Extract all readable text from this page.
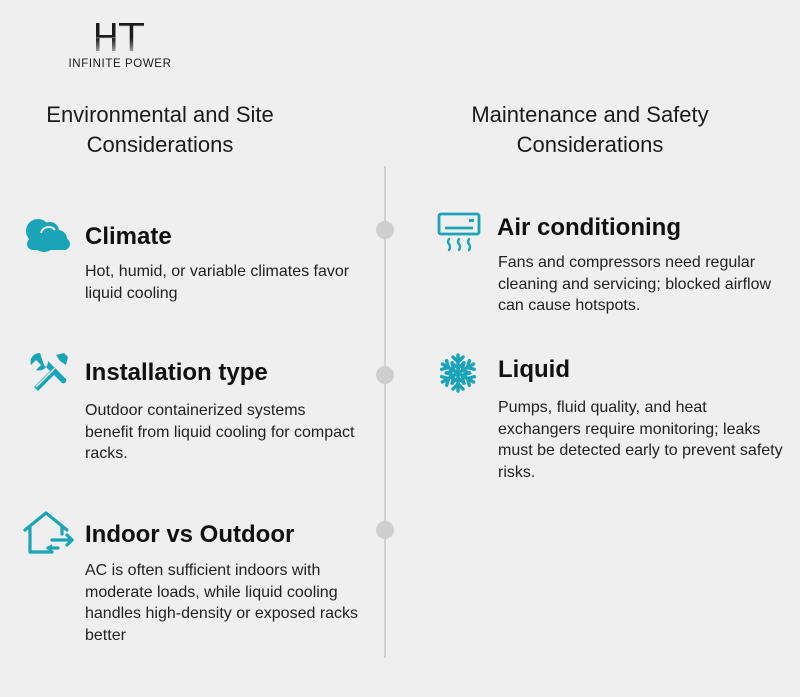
INFINITE POWER
Environmental and Site Considerations
Maintenance and Safety Considerations
Climate
Hot, humid, or variable climates favor liquid cooling
Installation type
Outdoor containerized systems benefit from liquid cooling for compact racks.
Indoor vs Outdoor
AC is often sufficient indoors with moderate loads, while liquid cooling handles high-density or exposed racks better
Air conditioning
Fans and compressors need regular cleaning and servicing; blocked airflow can cause hotspots.
Liquid
Pumps, fluid quality, and heat exchangers require monitoring; leaks must be detected early to prevent safety risks.
